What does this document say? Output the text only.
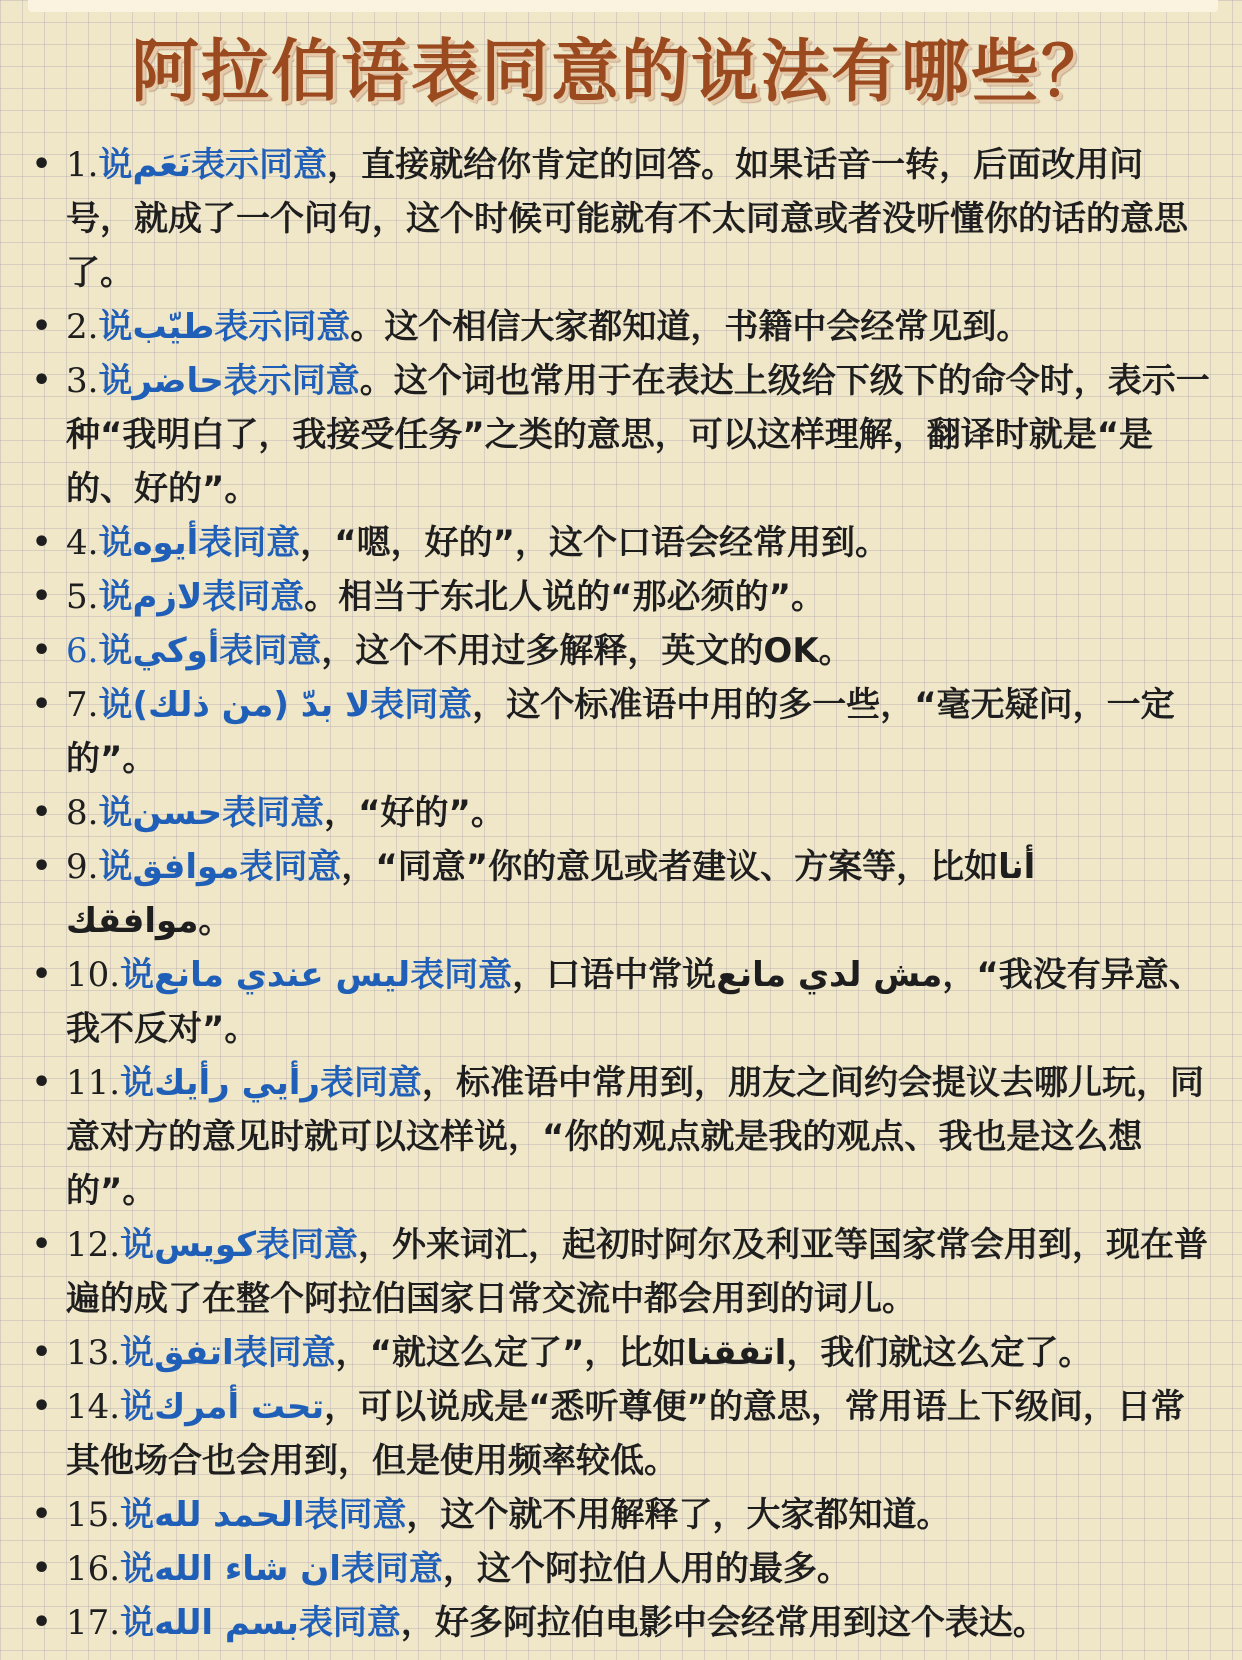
阿拉伯语表同意的说法有哪些？
• 1.说نَعَم表示同意，直接就给你肯定的回答。如果话音一转，后面改用问号，就成了一个问句，这个时候可能就有不太同意或者没听懂你的话的意思了。
• 2.说طيّب表示同意。这个相信大家都知道，书籍中会经常见到。
• 3.说حاضر表示同意。这个词也常用于在表达上级给下级下的命令时，表示一种“我明白了，我接受任务”之类的意思，可以这样理解，翻译时就是“是的、好的”。
• 4.说أيوه表同意，“嗯，好的”，这个口语会经常用到。
• 5.说لازم表同意。相当于东北人说的“那必须的”。
• 6.说أوكي表同意，这个不用过多解释，英文的OK。
• 7.说(لا بدّ (من ذلك表同意，这个标准语中用的多一些，“毫无疑问，一定的”。
• 8.说حسن表同意，“好的”。
• 9.说موافق表同意，“同意”你的意见或者建议、方案等，比如أنا موافقك。
• 10.说ليس عندي مانع表同意，口语中常说مش لدي مانع，“我没有异意、我不反对”。
• 11.说رأيي رأيك表同意，标准语中常用到，朋友之间约会提议去哪儿玩，同意对方的意见时就可以这样说，“你的观点就是我的观点、我也是这么想的”。
• 12.说كويس表同意，外来词汇，起初时阿尔及利亚等国家常会用到，现在普遍的成了在整个阿拉伯国家日常交流中都会用到的词儿。
• 13.说اتفق表同意，“就这么定了”，比如اتفقنا，我们就这么定了。
• 14.说تحت أمرك，可以说成是“悉听尊便”的意思，常用语上下级间，日常其他场合也会用到，但是使用频率较低。
• 15.说الحمد لله表同意，这个就不用解释了，大家都知道。
• 16.说ان شاء الله表同意，这个阿拉伯人用的最多。
• 17.说بسم الله表同意，好多阿拉伯电影中会经常用到这个表达。
